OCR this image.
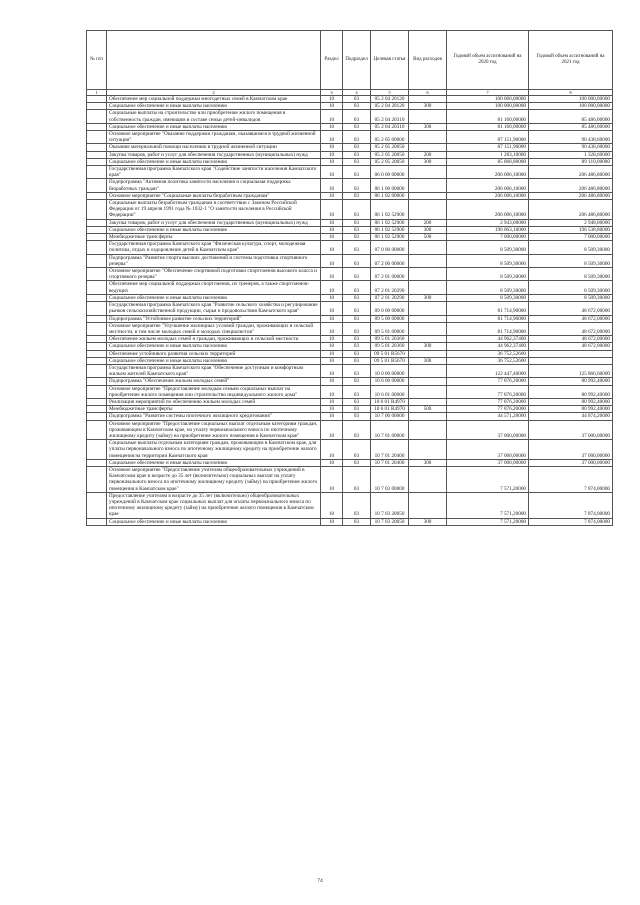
№ п/п		Раздел	Подраздел	Целевая статья	Вид расходов	Годовой объем ассигнований на 2020 год	Годовой объем ассигнований на 2021 год
1	2	3	4	5	6	7	8
	Обеспечение мер социальной поддержки многодетных семей в Камчатском крае	10	03	05 2 04 20120		100 000,00000	100 000,00000
	Социальное обеспечение и иные выплаты населению	10	03	05 2 04 20120	300	100 000,00000	100 000,00000
	Социальные выплаты на строительство или приобретение жилого помещения в собственность граждан, имеющим в составе семьи детей-инвалидов	10	03	05 2 04 20310		81 160,00000	85 486,00000
	Социальное обеспечение и иные выплаты населению	10	03	05 2 04 20310	300	81 160,00000	85 486,00000
	Основное мероприятие "Оказание поддержки гражданам, оказавшимся в трудной жизненной ситуации"	10	03	05 2 05 00000		87 151,90000	90 438,60000
	Оказание материальной помощи населению в трудной жизненной ситуации	10	03	05 2 05 20050		87 151,90000	90 438,60000
	Закупка товаров, работ и услуг для обеспечения государственных (муниципальных) нужд	10	03	05 2 05 20050	200	1 283,10000	1 328,60000
	Социальное обеспечение и иные выплаты населению	10	03	05 2 05 20050	300	85 868,80000	89 110,00000
	Государственная программа Камчатского края "Содействие занятости населения Камчатского края"	10	03	06 0 00 00000		206 006,10000	206 486,80000
	Подпрограмма "Активная политика занятости населения и социальная поддержка безработных граждан"	10	03	06 1 00 00000		206 006,10000	206 486,80000
	Основное мероприятие "Социальные выплаты безработным гражданам"	10	03	06 1 02 00000		206 006,10000	206 486,80000
	Социальные выплаты безработным гражданам в соответствии с Законом Российской Федерации от 19 апреля 1991 года № 1032-1 "О занятости населения в Российской Федерации"	10	03	06 1 02 52900		206 006,10000	206 486,80000
	Закупка товаров, работ и услуг для обеспечения государственных (муниципальных) нужд	10	03	06 1 02 52900	200	2 943,00000	2 948,00000
	Социальное обеспечение и иные выплаты населению	10	03	06 1 02 52900	300	196 063,10000	196 538,80000
	Межбюджетные трансферты	10	03	06 1 02 52900	500	7 000,00000	7 000,00000
	Государственная программа Камчатского края "Физическая культура, спорт, молодежная политика, отдых и оздоровление детей в Камчатском крае"	10	03	07 0 00 00000		8 509,30000	8 509,30000
	Подпрограмма "Развитие спорта высших достижений и системы подготовки спортивного резерва"	10	03	07 2 00 00000		8 509,30000	8 509,30000
	Основное мероприятие "Обеспечение спортивной подготовки спортсменов высокого класса и спортивного резерва"	10	03	07 2 01 00000		8 509,30000	8 509,30000
	Обеспечение мер социальной поддержки спортсменов, их тренеров, а также спортсменов-ведущих	10	03	07 2 01 20290		8 509,30000	8 509,30000
	Социальное обеспечение и иные выплаты населению	10	03	07 2 01 20290	300	8 509,30000	8 509,30000
	Государственная программа Камчатского края "Развитие сельского хозяйства и регулирование рынков сельскохозяйственной продукции, сырья и продовольствия Камчатского края"	10	03	09 0 00 00000		81 714,90000	48 672,00000
	Подпрограмма "Устойчивое развитие сельских территорий"	10	03	09 5 00 00000		81 714,90000	48 672,00000
	Основное мероприятие "Улучшение жилищных условий граждан, проживающих в сельской местности, в том числе молодых семей и молодых специалистов"	10	03	09 5 01 00000		81 714,90000	48 672,00000
	Обеспечение жильем молодых семей и граждан, проживающих в сельской местности	10	03	09 5 01 20360		44 962,37400	48 672,00000
	Социальное обеспечение и иные выплаты населению	10	03	09 5 01 20360	300	44 962,37400	48 672,00000
	Обеспечение устойчивого развития сельских территорий	10	03	09 5 01 R5670		36 752,52600	
	Социальное обеспечение и иные выплаты населению	10	03	09 5 01 R5670	300	36 752,52600	
	Государственная программа Камчатского края "Обеспечение доступным и комфортным жильем жителей Камчатского края"	10	03	10 0 00 00000		122 447,40000	125 866,60000
	Подпрограмма "Обеспечение жильем молодых семей"	10	03	10 6 00 00000		77 876,20000	80 992,40000
	Основное мероприятие "Предоставление молодым семьям социальных выплат на приобретение жилого помещения или строительство индивидуального жилого дома"	10	03	10 6 01 00000		77 876,20000	80 992,40000
	Реализация мероприятий по обеспечению жильем молодых семей	10	03	10 6 01 R4970		77 876,20000	80 992,40000
	Межбюджетные трансферты	10	03	10 6 01 R4970	500	77 876,20000	80 992,40000
	Подпрограмма "Развитие системы ипотечного жилищного кредитования"	10	03	10 7 00 00000		44 571,20000	44 874,20000
	Основное мероприятие "Предоставление социальных выплат отдельным категориям граждан, проживающим в Камчатском крае, на уплату первоначального взноса по ипотечному жилищному кредиту (займу) на приобретение жилого помещения в Камчатском крае"	10	03	10 7 01 00000		37 000,00000	37 000,00000
	Социальные выплаты отдельным категориям граждан, проживающим в Камчатском крае, для уплаты первоначального взноса по ипотечному жилищному кредиту на приобретение жилого помещения на территории Камчатского края	10	03	10 7 01 20400		37 000,00000	37 000,00000
	Социальное обеспечение и иные выплаты населению	10	03	10 7 01 20400	300	37 000,00000	37 000,00000
	Основное мероприятие "Предоставление учителям общеобразовательных учреждений в Камчатском крае в возрасте до 35 лет (включительно) социальных выплат на уплату первоначального взноса по ипотечному жилищному кредиту (займу) на приобретение жилого помещения в Камчатском крае"	10	03	10 7 03 00000		7 571,20000	7 874,00000
	Предоставление учителям в возрасте до 35 лет (включительно) общеобразовательных учреждений в Камчатском крае социальных выплат для оплаты первоначального взноса по ипотечному жилищному кредиту (займу) на приобретение жилого помещения в Камчатском крае	10	03	10 7 03 20050		7 571,20000	7 874,00000
	Социальное обеспечение и иные выплаты населению	10	03	10 7 03 20050	300	7 571,20000	7 874,00000
74
